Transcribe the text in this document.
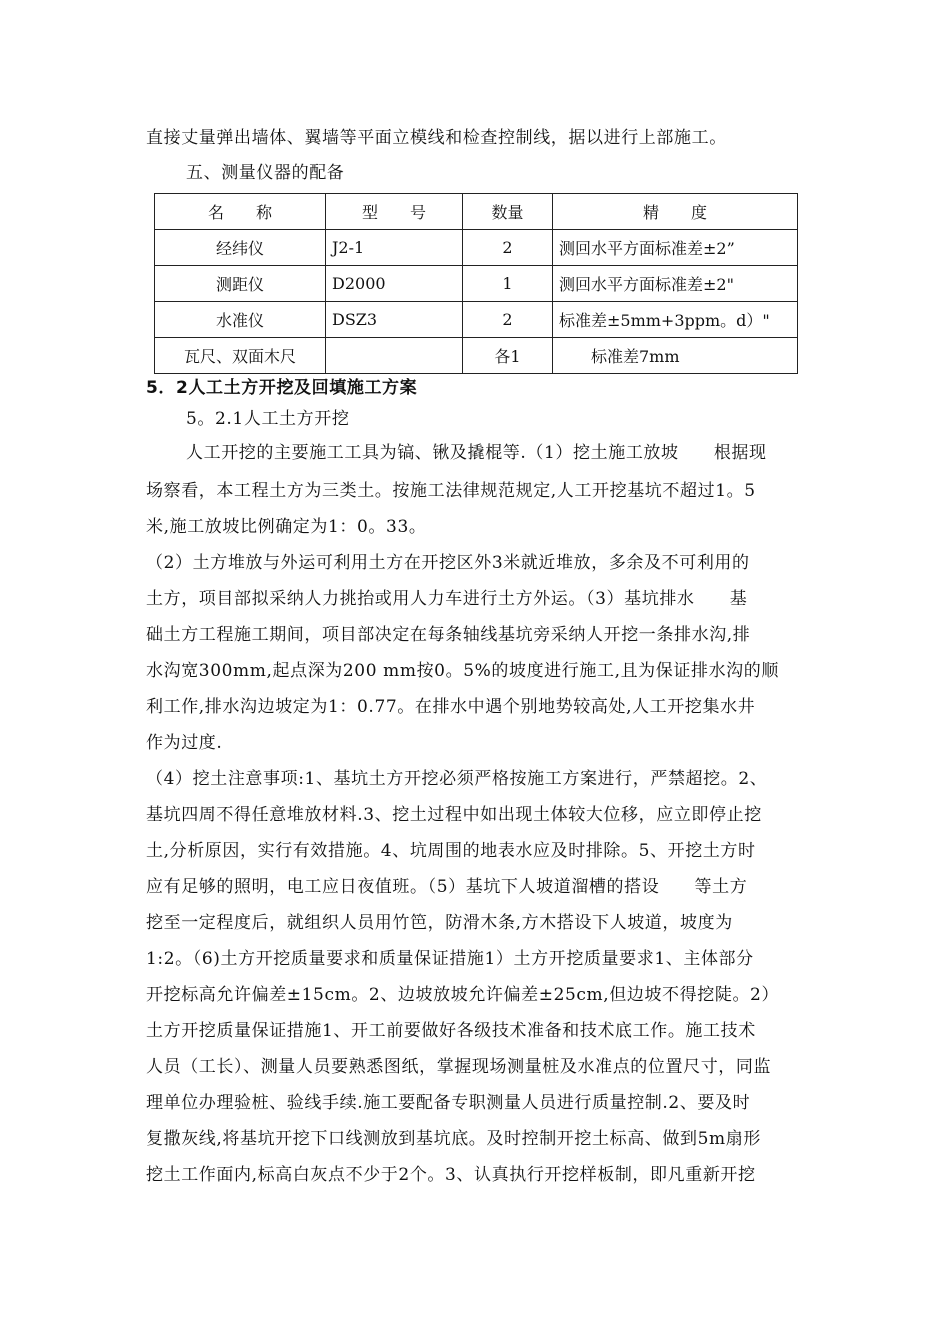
直接丈量弹出墙体、翼墙等平面立模线和检查控制线，据以进行上部施工。
五、测量仪器的配备
名　　称	型　　号	数量	精　　度
经纬仪	J2-1	2	测回水平方面标准差±2”
测距仪	D2000	1	测回水平方面标准差±2"
水准仪	DSZ3	2	标准差±5mm+3ppm。d）"
瓦尺、双面木尺		各1	　　标准差7mm
5．2人工土方开挖及回填施工方案
5。2.1人工土方开挖
人工开挖的主要施工工具为镐、锹及撬棍等.（1）挖土施工放坡　　根据现
场察看，本工程土方为三类土。按施工法律规范规定,人工开挖基坑不超过1。5
米,施工放坡比例确定为1：0。33。
（2）土方堆放与外运可利用土方在开挖区外3米就近堆放，多余及不可利用的
土方，项目部拟采纳人力挑抬或用人力车进行土方外运。（3）基坑排水　　基
础土方工程施工期间，项目部决定在每条轴线基坑旁采纳人开挖一条排水沟,排
水沟宽300mm,起点深为200 mm按0。5%的坡度进行施工,且为保证排水沟的顺
利工作,排水沟边坡定为1：0.77。在排水中遇个别地势较高处,人工开挖集水井
作为过度.
（4）挖土注意事项:1、基坑土方开挖必须严格按施工方案进行，严禁超挖。2、
基坑四周不得任意堆放材料.3、挖土过程中如出现土体较大位移，应立即停止挖
土,分析原因，实行有效措施。4、坑周围的地表水应及时排除。5、开挖土方时
应有足够的照明，电工应日夜值班。（5）基坑下人坡道溜槽的搭设　　等土方
挖至一定程度后，就组织人员用竹笆，防滑木条,方木搭设下人坡道，坡度为
1:2。（6)土方开挖质量要求和质量保证措施1）土方开挖质量要求1、主体部分
开挖标高允许偏差±15cm。2、边坡放坡允许偏差±25cm,但边坡不得挖陡。2）
土方开挖质量保证措施1、开工前要做好各级技术准备和技术底工作。施工技术
人员（工长）、测量人员要熟悉图纸，掌握现场测量桩及水准点的位置尺寸，同监
理单位办理验桩、验线手续.施工要配备专职测量人员进行质量控制.2、要及时
复撒灰线,将基坑开挖下口线测放到基坑底。及时控制开挖土标高、做到5m扇形
挖土工作面内,标高白灰点不少于2个。3、认真执行开挖样板制，即凡重新开挖
